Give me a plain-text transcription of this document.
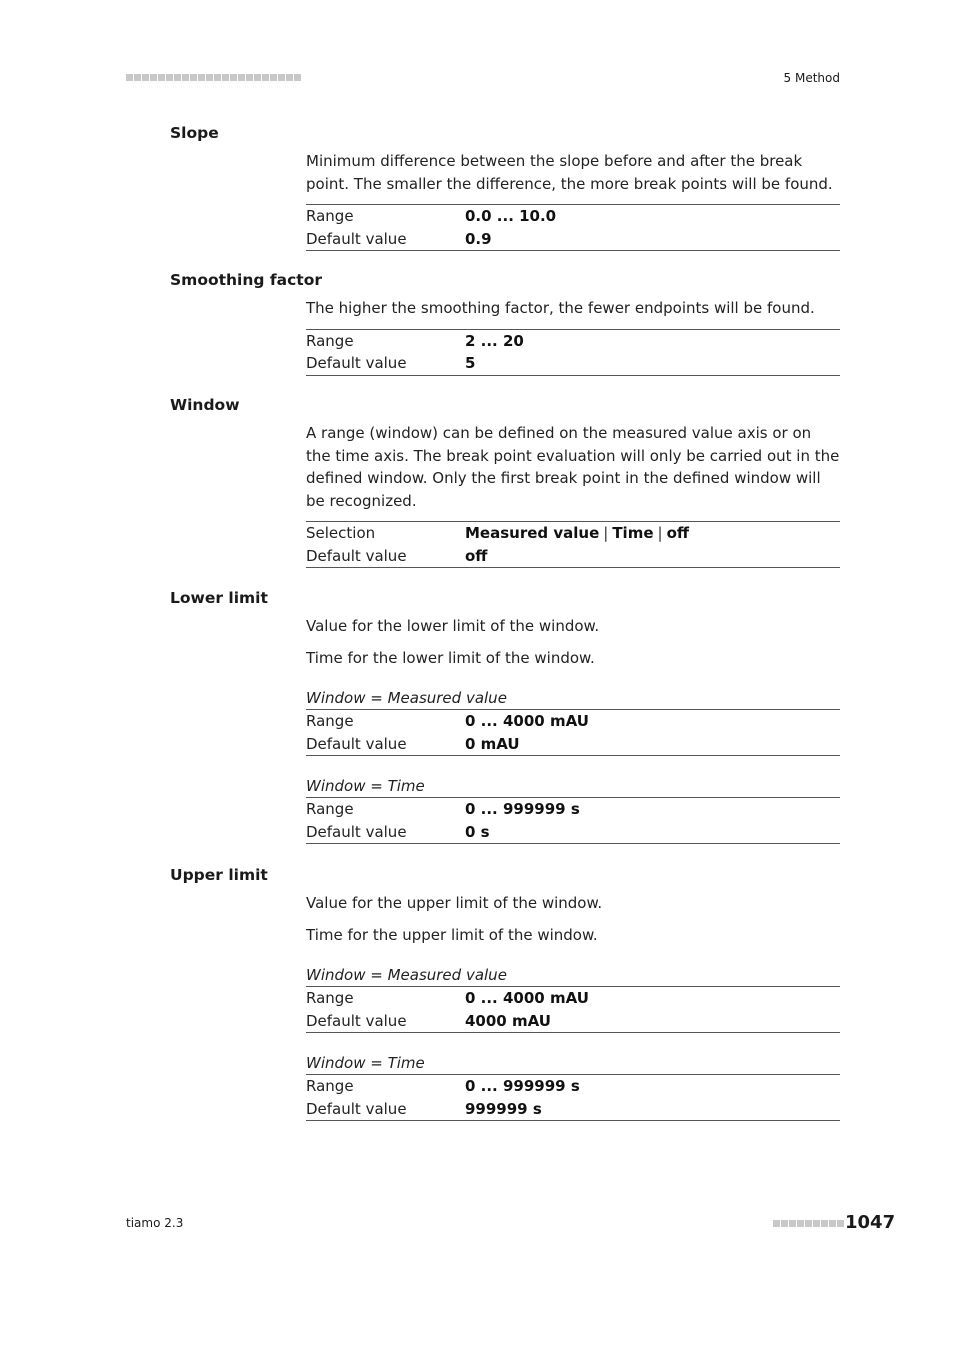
5 Method
Slope

Minimum difference between the slope before and after the break point. The smaller the difference, the more break points will be found.

Range	0.0 ... 10.0
Default value	0.9
Smoothing factor

The higher the smoothing factor, the fewer endpoints will be found.

Range	2 ... 20
Default value	5
Window

A range (window) can be defined on the measured value axis or on the time axis. The break point evaluation will only be carried out in the defined window. Only the first break point in the defined window will be recognized.

Selection	Measured value | Time | off
Default value	off
Lower limit

Value for the lower limit of the window.

Time for the lower limit of the window.

Window = Measured value
Range	0 ... 4000 mAU
Default value	0 mAU
Window = Time
Range	0 ... 999999 s
Default value	0 s
Upper limit

Value for the upper limit of the window.

Time for the upper limit of the window.

Window = Measured value
Range	0 ... 4000 mAU
Default value	4000 mAU
Window = Time
Range	0 ... 999999 s
Default value	999999 s
tiamo 2.3	1047
